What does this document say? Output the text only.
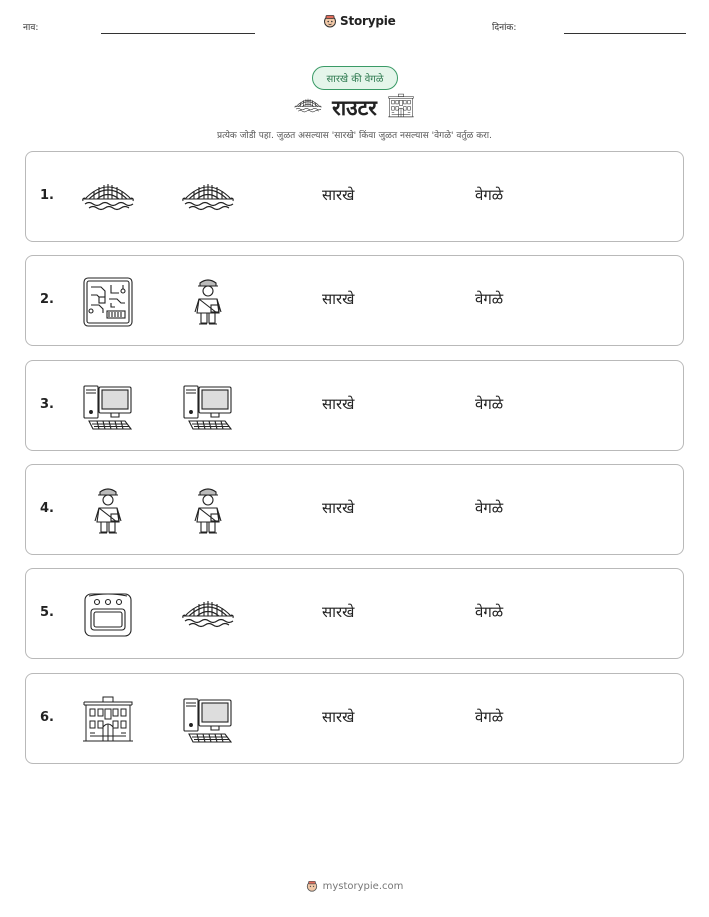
नाव:	Storypie	दिनांक:
सारखे की वेगळे
राउटर
प्रत्येक जोडी पहा. जुळत असल्यास 'सारखे' किंवा जुळत नसल्यास 'वेगळे' वर्तुळ करा.
1.	सारखे	वेगळे
2.	सारखे	वेगळे
3.	सारखे	वेगळे
4.	सारखे	वेगळे
5.	सारखे	वेगळे
6.	सारखे	वेगळे
mystorypie.com
